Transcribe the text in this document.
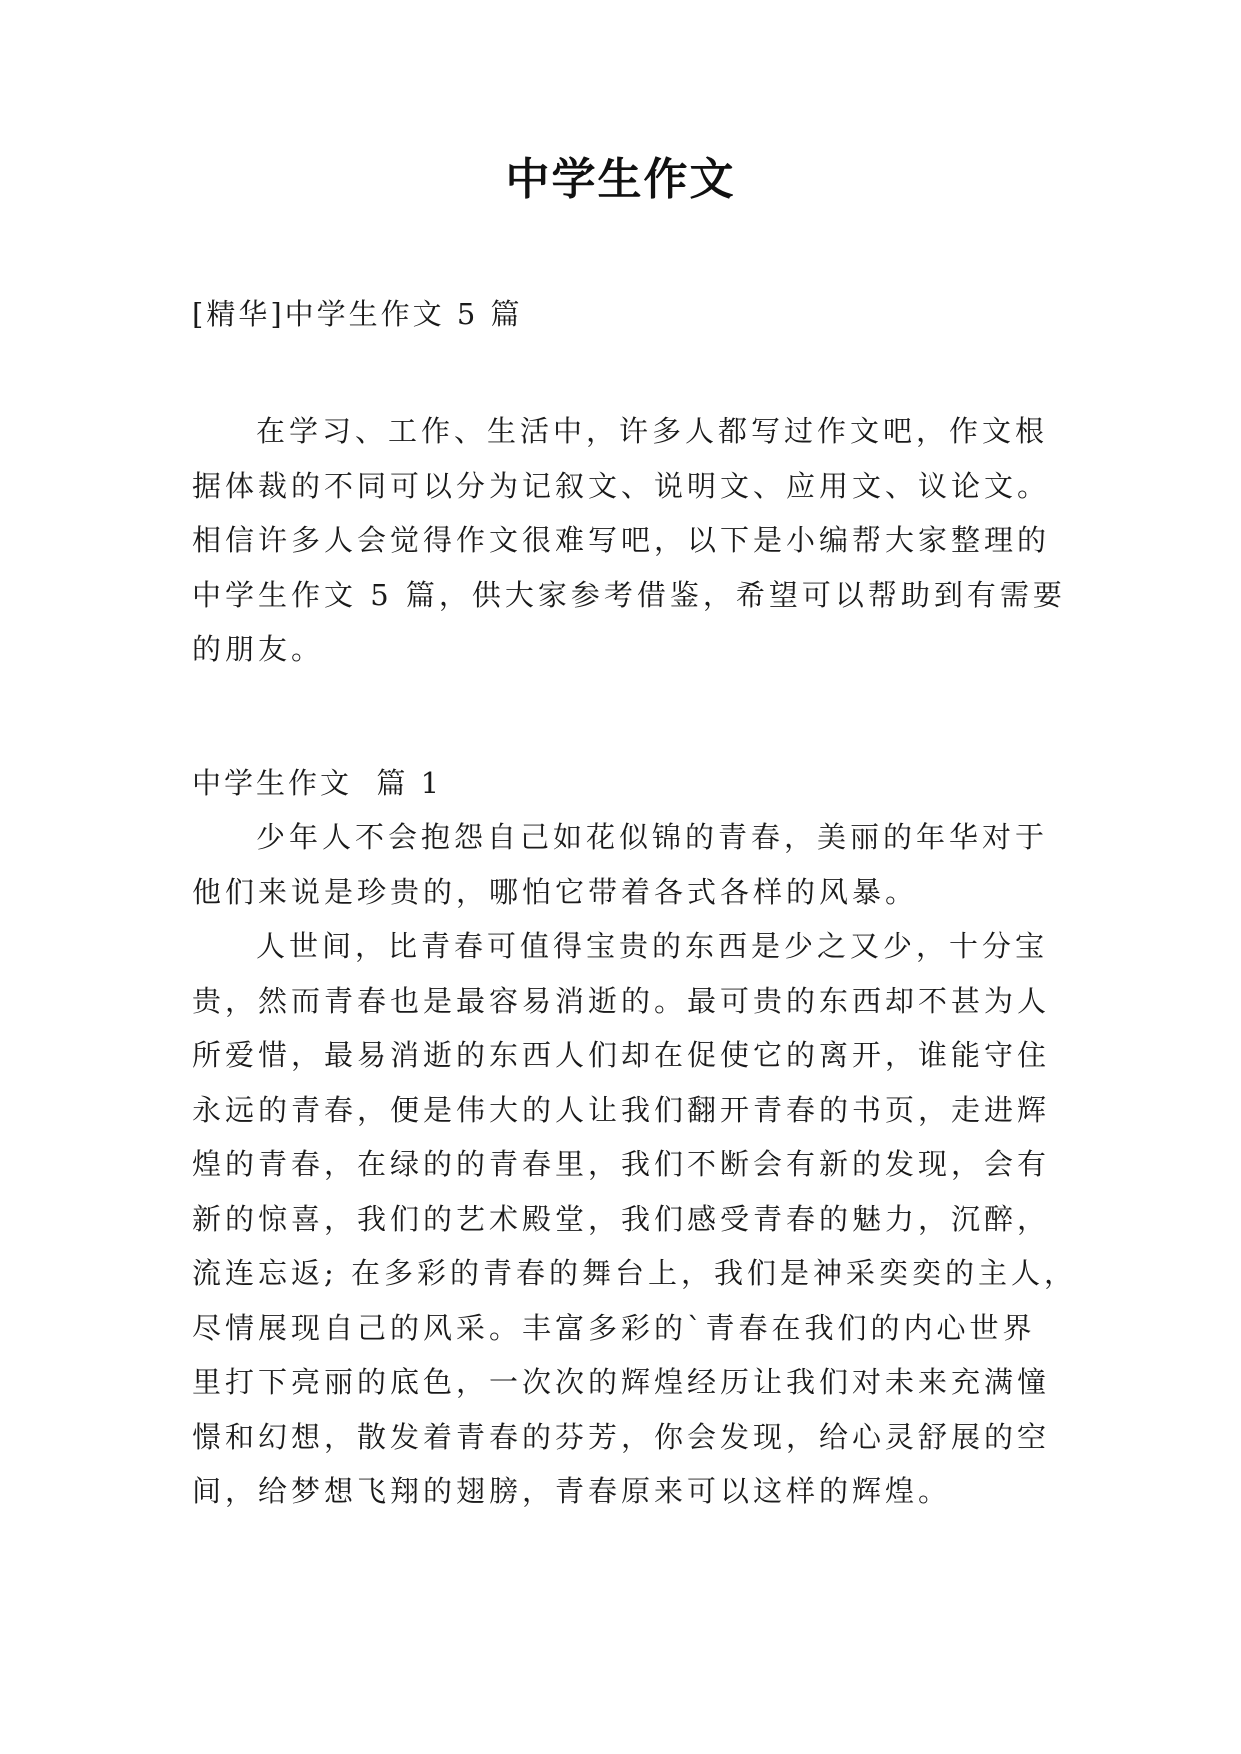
中学生作文
[精华]中学生作文 5 篇
在学习、工作、生活中，许多人都写过作文吧，作文根
据体裁的不同可以分为记叙文、说明文、应用文、议论文。
相信许多人会觉得作文很难写吧，以下是小编帮大家整理的
中学生作文 5 篇，供大家参考借鉴，希望可以帮助到有需要
的朋友。
中学生作文  篇 1
少年人不会抱怨自己如花似锦的青春，美丽的年华对于
他们来说是珍贵的，哪怕它带着各式各样的风暴。
人世间，比青春可值得宝贵的东西是少之又少，十分宝
贵，然而青春也是最容易消逝的。最可贵的东西却不甚为人
所爱惜，最易消逝的东西人们却在促使它的离开，谁能守住
永远的青春，便是伟大的人让我们翻开青春的书页，走进辉
煌的青春，在绿的的青春里，我们不断会有新的发现，会有
新的惊喜，我们的艺术殿堂，我们感受青春的魅力，沉醉，
流连忘返; 在多彩的青春的舞台上，我们是神采奕奕的主人，
尽情展现自己的风采。丰富多彩的`青春在我们的内心世界
里打下亮丽的底色，一次次的辉煌经历让我们对未来充满憧
憬和幻想，散发着青春的芬芳，你会发现，给心灵舒展的空
间，给梦想飞翔的翅膀，青春原来可以这样的辉煌。
